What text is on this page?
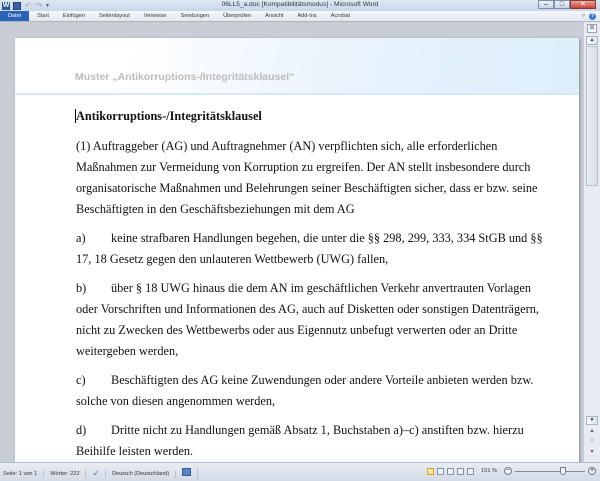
W ↶ ↷ ▾	06LL5_a.doc [Kompatibilitätsmodus] - Microsoft Word	–	□	✕
Datei	Start	Einfügen	Seitenlayout	Verweise	Sendungen	Überprüfen	Ansicht	Add-Ins	Acrobat	▿	?
Muster „Antikorruptions-/Integritätsklausel“

Antikorruptions-/Integritätsklausel

(1) Auftraggeber (AG) und Auftragnehmer (AN) verpflichten sich, alle erforderlichen Maßnahmen zur Vermeidung von Korruption zu ergreifen. Der AN stellt insbesondere durch organisatorische Maßnahmen und Belehrungen seiner Beschäftigten sicher, dass er bzw. seine Beschäftigten in den Geschäftsbeziehungen mit dem AG

a) keine strafbaren Handlungen begehen, die unter die §§ 298, 299, 333, 334 StGB und §§ 17, 18 Gesetz gegen den unlauteren Wettbewerb (UWG) fallen,

b) über § 18 UWG hinaus die dem AN im geschäftlichen Verkehr anvertrauten Vorlagen oder Vorschriften und Informationen des AG, auch auf Disketten oder sonstigen Datenträgern, nicht zu Zwecken des Wettbewerbs oder aus Eigennutz unbefugt verwerten oder an Dritte weitergeben werden,

c) Beschäftigten des AG keine Zuwendungen oder andere Vorteile anbieten werden bzw. solche von diesen angenommen werden,

d) Dritte nicht zu Handlungen gemäß Absatz 1, Buchstaben a)–c) anstiften bzw. hierzu Beihilfe leisten werden.

⊞
▲
▼
▴
○
▾
Seite: 1 von 1	Wörter: 222	✓	Deutsch (Deutschland)	151 %	−	+
